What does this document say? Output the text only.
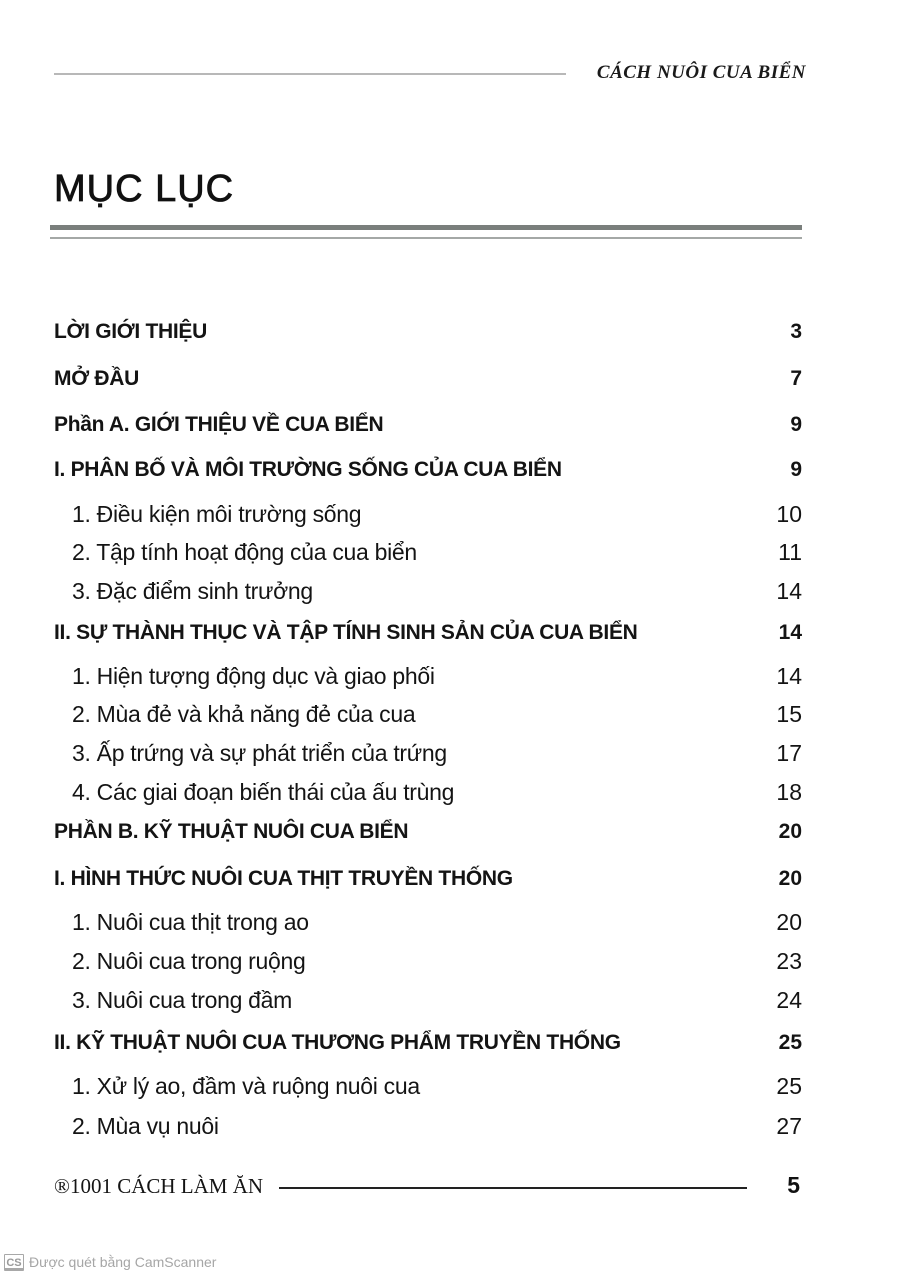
CÁCH NUÔI CUA BIỂN
MỤC LỤC
LỜI GIỚI THIỆU	3
MỞ ĐẦU	7
Phần A. GIỚI THIỆU VỀ CUA BIỂN	9
I. PHÂN BỐ VÀ MÔI TRƯỜNG SỐNG CỦA CUA BIỂN	9
1. Điều kiện môi trường sống	10
2. Tập tính hoạt động của cua biển	11
3. Đặc điểm sinh trưởng	14
II. SỰ THÀNH THỤC VÀ TẬP TÍNH SINH SẢN CỦA CUA BIỂN	14
1. Hiện tượng động dục và giao phối	14
2. Mùa đẻ và khả năng đẻ của cua	15
3. Ấp trứng và sự phát triển của trứng	17
4. Các giai đoạn biến thái của ấu trùng	18
PHẦN B. KỸ THUẬT NUÔI CUA BIỂN	20
I. HÌNH THỨC NUÔI CUA THỊT TRUYỀN THỐNG	20
1. Nuôi cua thịt trong ao	20
2. Nuôi cua trong ruộng	23
3. Nuôi cua trong đầm	24
II. KỸ THUẬT NUÔI CUA THƯƠNG PHẨM TRUYỀN THỐNG	25
1. Xử lý ao, đầm và ruộng nuôi cua	25
2. Mùa vụ nuôi	27
®1001 CÁCH LÀM ĂN	5
CS Được quét bằng CamScanner
